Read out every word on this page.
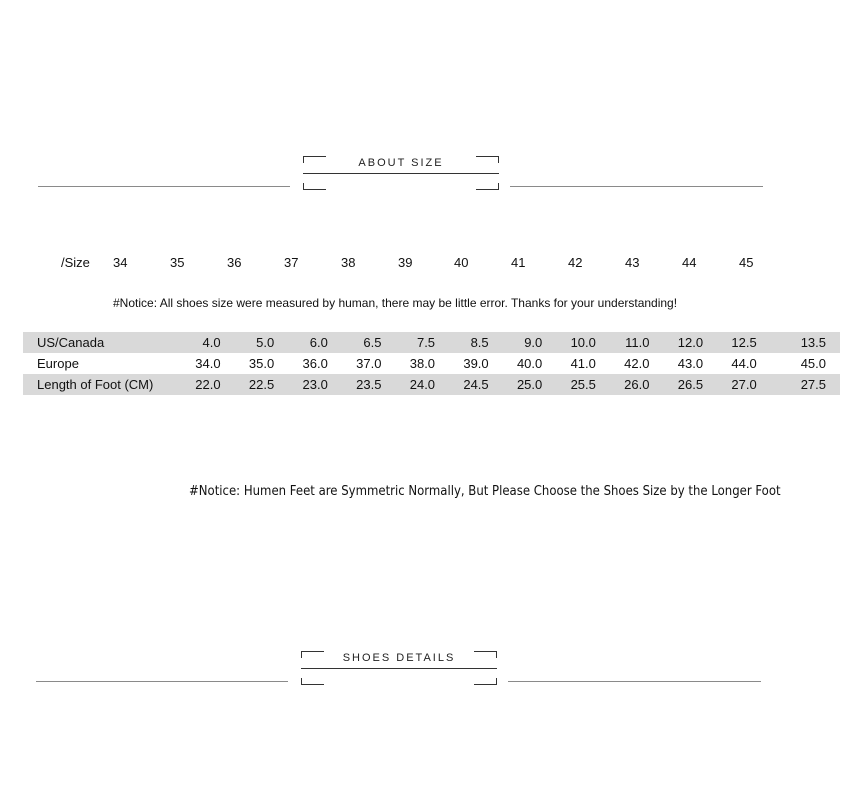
ABOUT SIZE
/Size 34	35	36	37	38	39	40	41	42	43	44	45
#Notice: All shoes size were measured by human, there may be little error. Thanks for your understanding!
US/Canada	4.0	5.0	6.0	6.5	7.5	8.5	9.0	10.0	11.0	12.0	12.5	13.5
Europe	34.0	35.0	36.0	37.0	38.0	39.0	40.0	41.0	42.0	43.0	44.0	45.0
Length of Foot (CM)	22.0	22.5	23.0	23.5	24.0	24.5	25.0	25.5	26.0	26.5	27.0	27.5
#Notice: Humen Feet are Symmetric Normally, But Please Choose the Shoes Size by the Longer Foot
SHOES DETAILS
